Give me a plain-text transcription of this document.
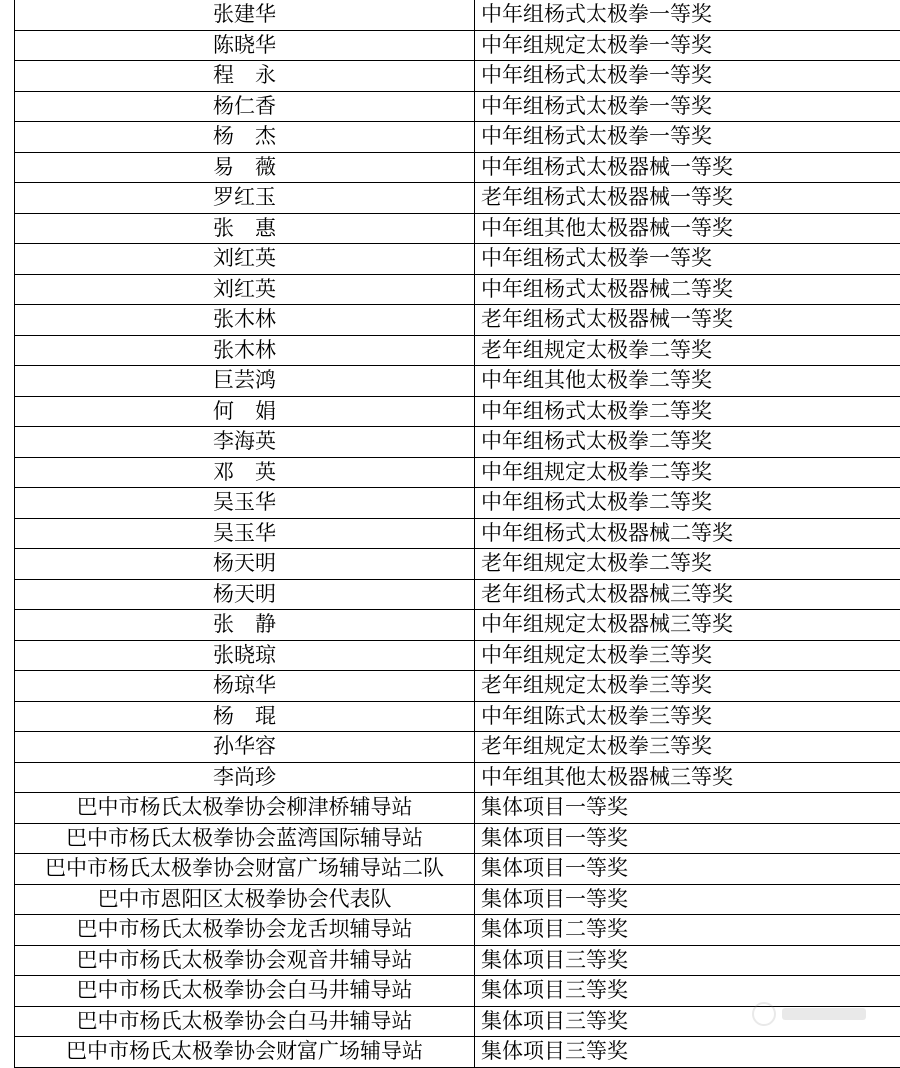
张建华	中年组杨式太极拳一等奖
陈晓华	中年组规定太极拳一等奖
程　永	中年组杨式太极拳一等奖
杨仁香	中年组杨式太极拳一等奖
杨　杰	中年组杨式太极拳一等奖
易　薇	中年组杨式太极器械一等奖
罗红玉	老年组杨式太极器械一等奖
张　惠	中年组其他太极器械一等奖
刘红英	中年组杨式太极拳一等奖
刘红英	中年组杨式太极器械二等奖
张木林	老年组杨式太极器械一等奖
张木林	老年组规定太极拳二等奖
巨芸鸿	中年组其他太极拳二等奖
何　娟	中年组杨式太极拳二等奖
李海英	中年组杨式太极拳二等奖
邓　英	中年组规定太极拳二等奖
吴玉华	中年组杨式太极拳二等奖
吴玉华	中年组杨式太极器械二等奖
杨天明	老年组规定太极拳二等奖
杨天明	老年组杨式太极器械三等奖
张　静	中年组规定太极器械三等奖
张晓琼	中年组规定太极拳三等奖
杨琼华	老年组规定太极拳三等奖
杨　琨	中年组陈式太极拳三等奖
孙华容	老年组规定太极拳三等奖
李尚珍	中年组其他太极器械三等奖
巴中市杨氏太极拳协会柳津桥辅导站	集体项目一等奖
巴中市杨氏太极拳协会蓝湾国际辅导站	集体项目一等奖
巴中市杨氏太极拳协会财富广场辅导站二队	集体项目一等奖
巴中市恩阳区太极拳协会代表队	集体项目一等奖
巴中市杨氏太极拳协会龙舌坝辅导站	集体项目二等奖
巴中市杨氏太极拳协会观音井辅导站	集体项目三等奖
巴中市杨氏太极拳协会白马井辅导站	集体项目三等奖
巴中市杨氏太极拳协会白马井辅导站	集体项目三等奖
巴中市杨氏太极拳协会财富广场辅导站	集体项目三等奖
